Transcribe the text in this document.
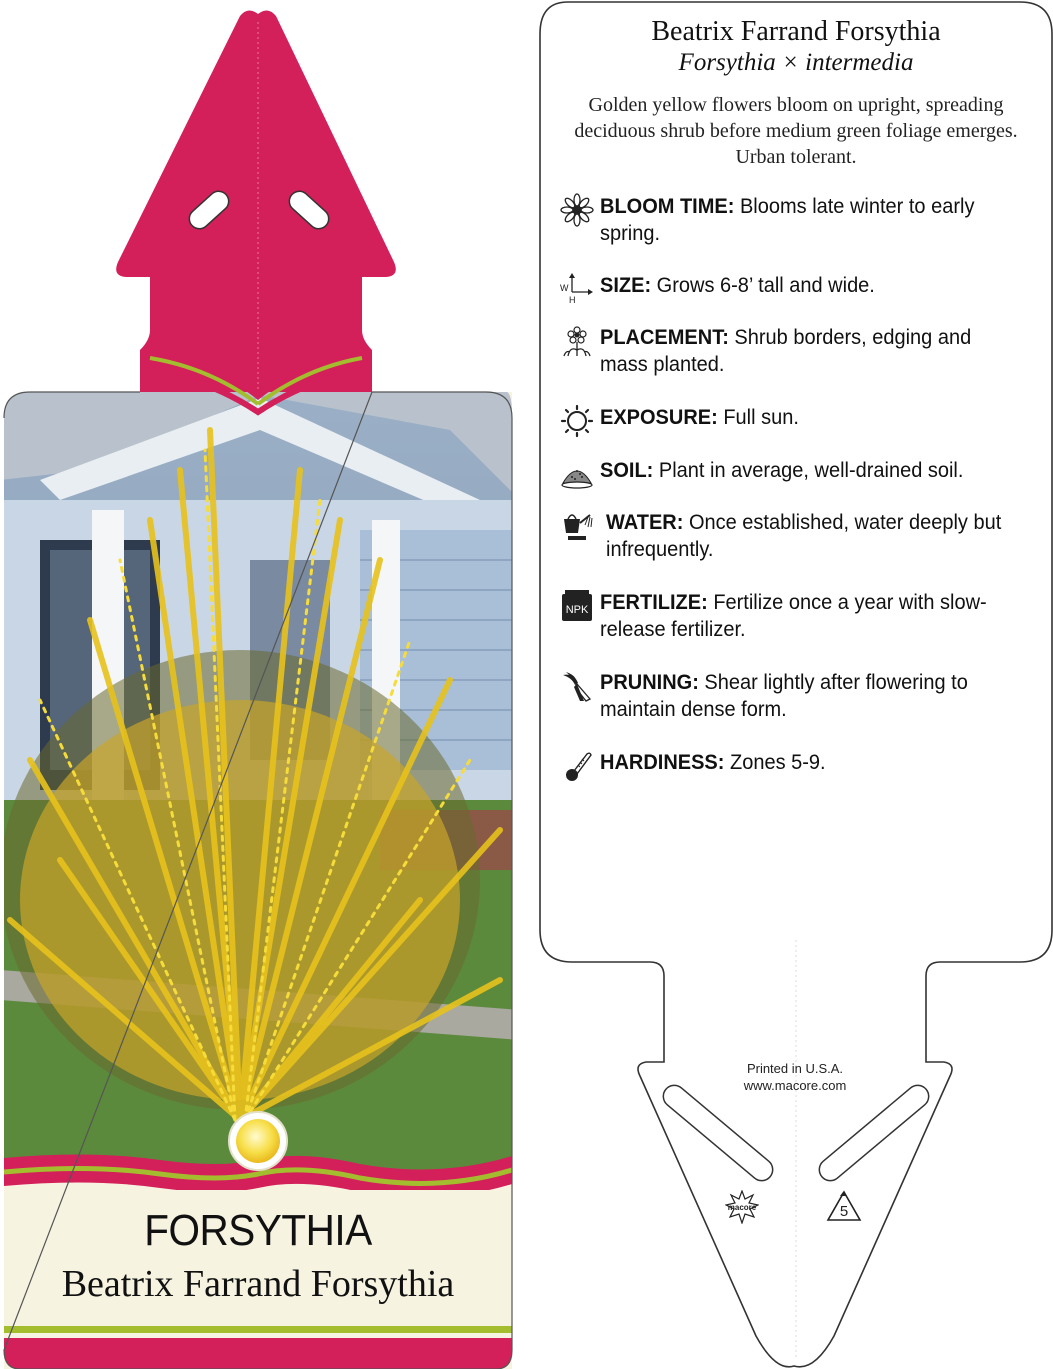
FORSYTHIA
Beatrix Farrand Forsythia
Beatrix Farrand Forsythia
Forsythia × intermedia
Golden yellow flowers bloom on upright, spreading deciduous shrub before medium green foliage emerges. Urban tolerant.
BLOOM TIME: Blooms late winter to early spring.
W
H
SIZE: Grows 6-8’ tall and wide.
PLACEMENT: Shrub borders, edging and mass planted.
EXPOSURE: Full sun.
SOIL: Plant in average, well-drained soil.
WATER: Once established, water deeply but infrequently.
NPK FERTILIZE: Fertilize once a year with slow-release fertilizer.
PRUNING: Shear lightly after flowering to maintain dense form.
HARDINESS: Zones 5-9.
Printed in U.S.A.
www.macore.com
macore	5
